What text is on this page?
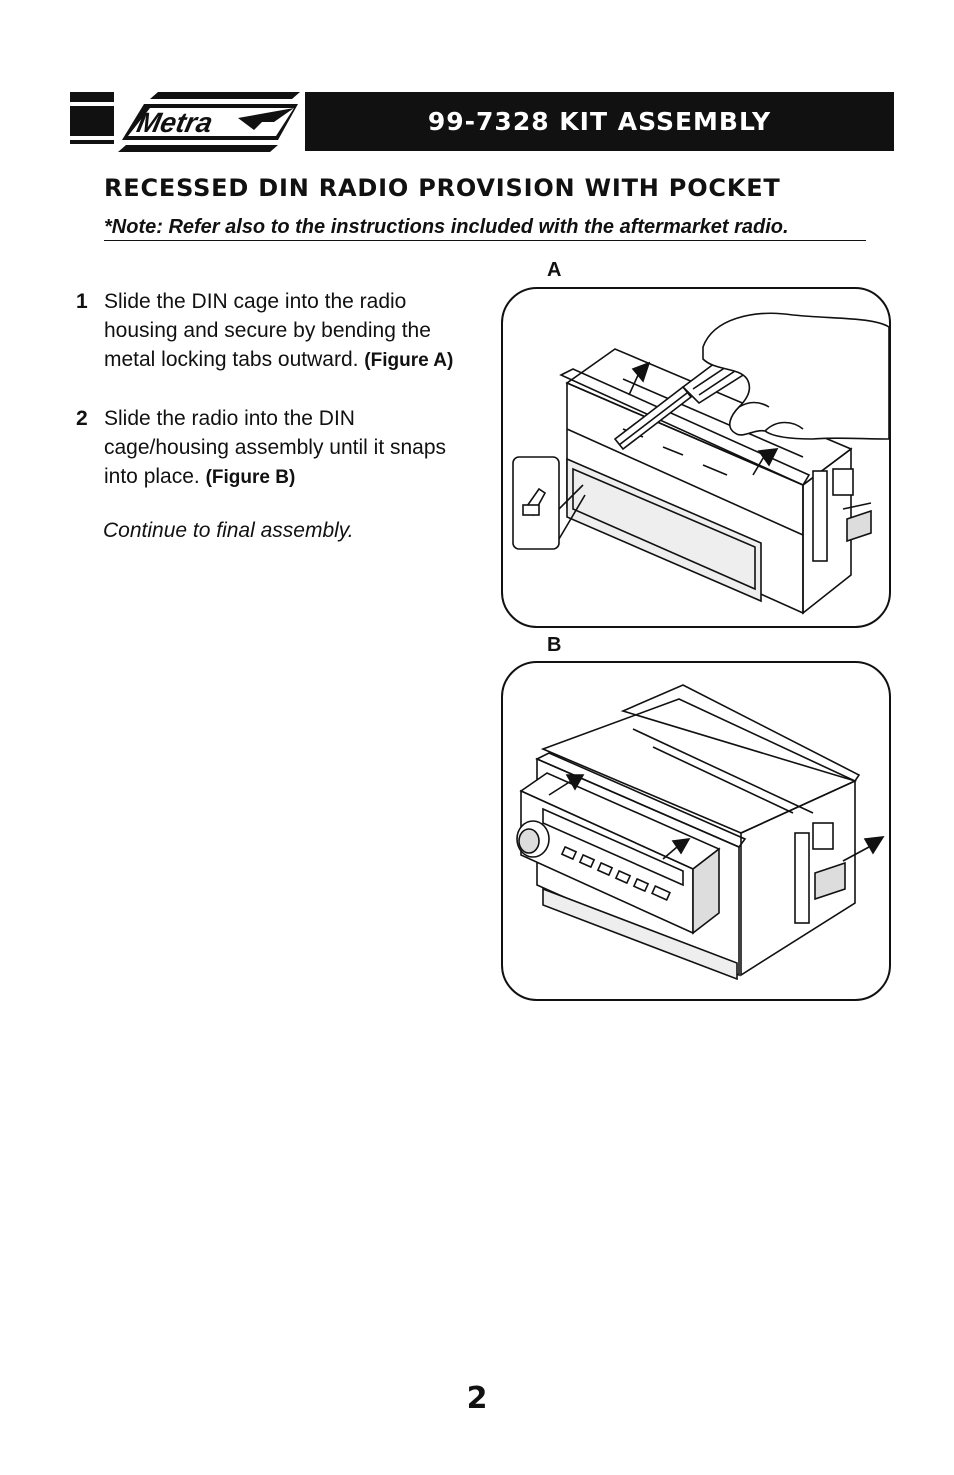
Metra	99-7328 KIT ASSEMBLY
RECESSED DIN RADIO PROVISION WITH POCKET
*Note: Refer also to the instructions included with the aftermarket radio.
1 Slide the DIN cage into the radio housing and secure by bending the metal locking tabs outward. (Figure A)
2 Slide the radio into the DIN cage/housing assembly until it snaps into place. (Figure B)
Continue to final assembly.
A
B
2
